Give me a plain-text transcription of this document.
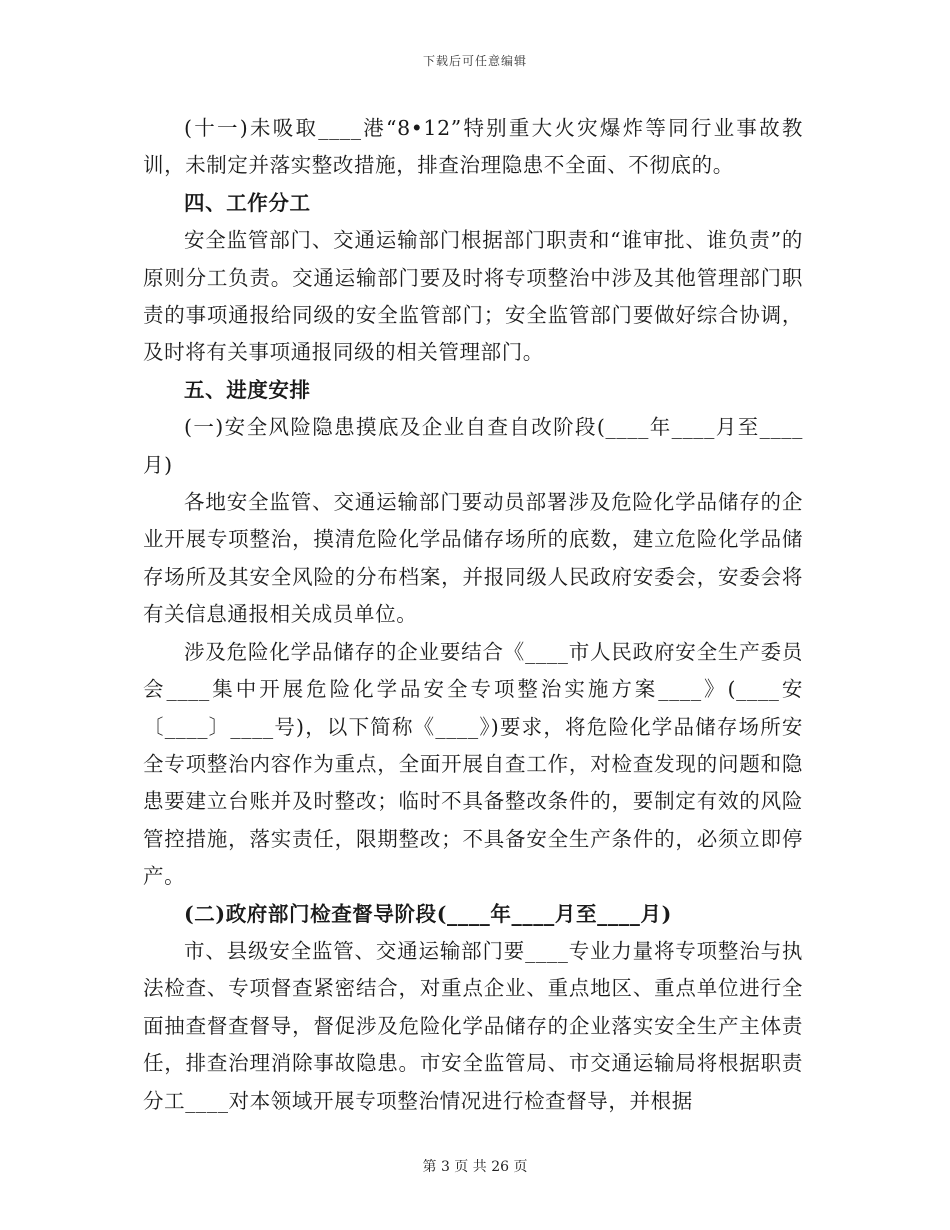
下载后可任意编辑

(十一)未吸取____港“8•12”特别重大火灾爆炸等同行业事故教训，未制定并落实整改措施，排查治理隐患不全面、不彻底的。

四、工作分工

安全监管部门、交通运输部门根据部门职责和“谁审批、谁负责”的原则分工负责。交通运输部门要及时将专项整治中涉及其他管理部门职责的事项通报给同级的安全监管部门；安全监管部门要做好综合协调，及时将有关事项通报同级的相关管理部门。

五、进度安排

(一)安全风险隐患摸底及企业自查自改阶段(____年____月至____月)

各地安全监管、交通运输部门要动员部署涉及危险化学品储存的企业开展专项整治，摸清危险化学品储存场所的底数，建立危险化学品储存场所及其安全风险的分布档案，并报同级人民政府安委会，安委会将有关信息通报相关成员单位。

涉及危险化学品储存的企业要结合《____市人民政府安全生产委员会____集中开展危险化学品安全专项整治实施方案____》(____安〔____〕____号)，以下简称《____》)要求，将危险化学品储存场所安全专项整治内容作为重点，全面开展自查工作，对检查发现的问题和隐患要建立台账并及时整改；临时不具备整改条件的，要制定有效的风险管控措施，落实责任，限期整改；不具备安全生产条件的，必须立即停产。

(二)政府部门检查督导阶段(____年____月至____月)

市、县级安全监管、交通运输部门要____专业力量将专项整治与执法检查、专项督查紧密结合，对重点企业、重点地区、重点单位进行全面抽查督查督导，督促涉及危险化学品储存的企业落实安全生产主体责任，排查治理消除事故隐患。市安全监管局、市交通运输局将根据职责分工____对本领域开展专项整治情况进行检查督导，并根据

第 3 页 共 26 页
